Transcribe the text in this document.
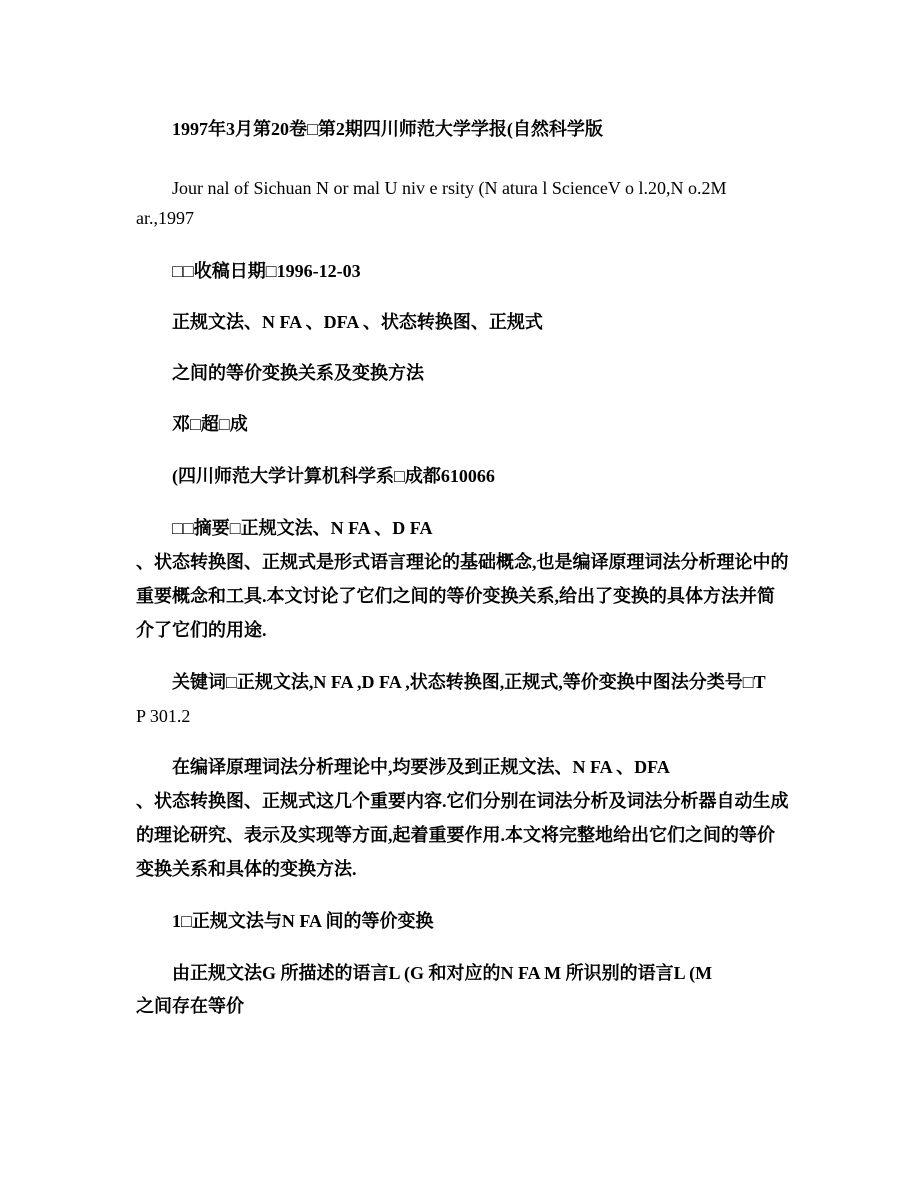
1997年3月第20卷□第2期四川师范大学学报(自然科学版
Jour nal of Sichuan N or mal U niv e rsity (N atura l ScienceV o l.20,N o.2M
ar.,1997
□□收稿日期□1996-12-03
正规文法、N FA 、DFA 、状态转换图、正规式
之间的等价变换关系及变换方法
邓□超□成
(四川师范大学计算机科学系□成都610066
□□摘要□正规文法、N FA 、D FA
、状态转换图、正规式是形式语言理论的基础概念,也是编译原理词法分析理论中的
重要概念和工具.本文讨论了它们之间的等价变换关系,给出了变换的具体方法并简
介了它们的用途.
关键词□正规文法,N FA ,D FA ,状态转换图,正规式,等价变换中图法分类号□T
P 301.2
在编译原理词法分析理论中,均要涉及到正规文法、N FA 、DFA
、状态转换图、正规式这几个重要内容.它们分别在词法分析及词法分析器自动生成
的理论研究、表示及实现等方面,起着重要作用.本文将完整地给出它们之间的等价
变换关系和具体的变换方法.
1□正规文法与N FA 间的等价变换
由正规文法G 所描述的语言L (G 和对应的N FA M 所识别的语言L (M
之间存在等价
